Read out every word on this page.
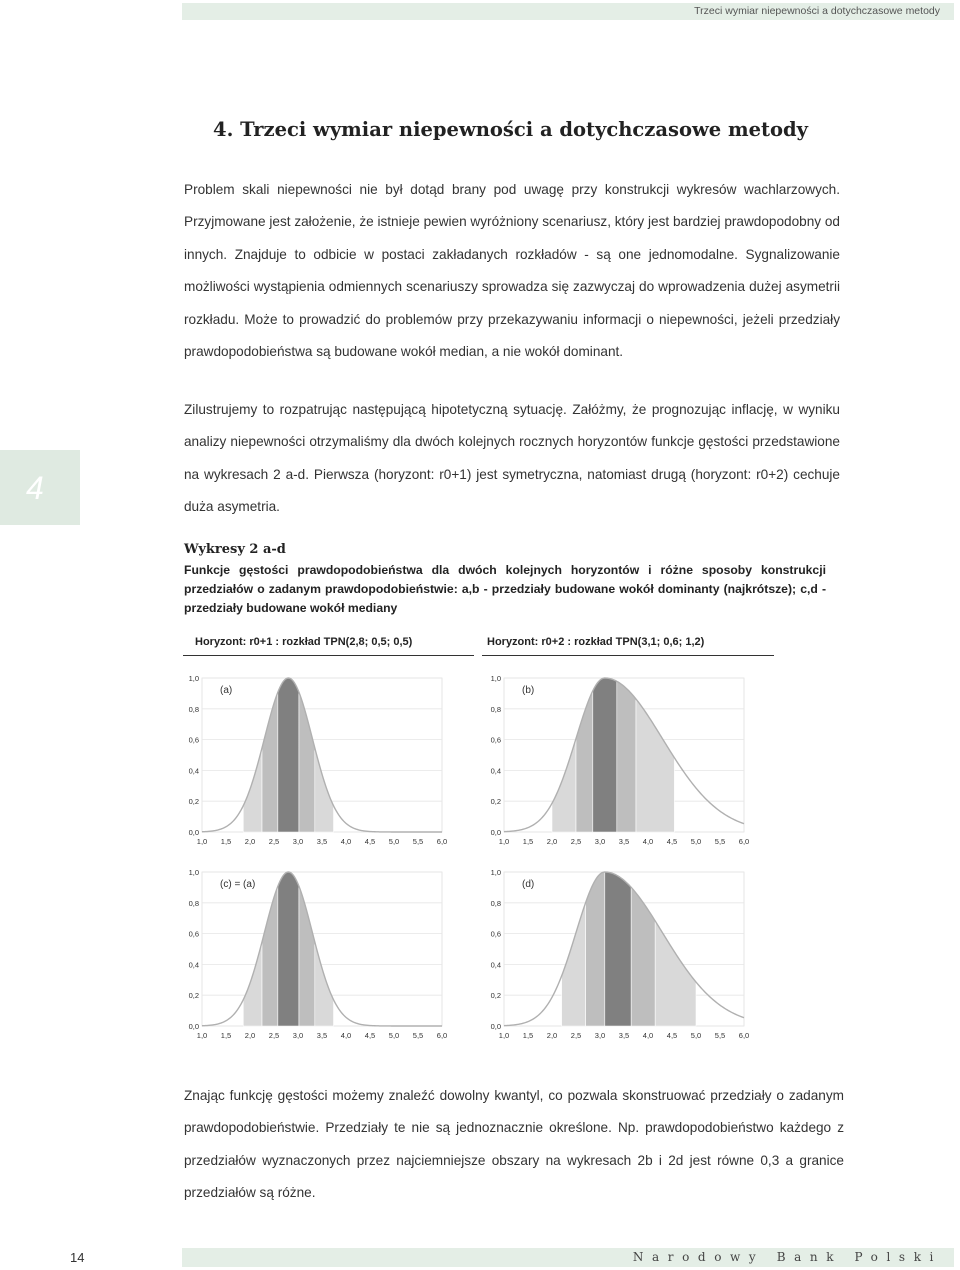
Trzeci wymiar niepewności a dotychczasowe metody
4
4. Trzeci wymiar niepewności a dotychczasowe metody

Problem skali niepewności nie był dotąd brany pod uwagę przy konstrukcji wykresów wachlarzowych. Przyjmowane jest założenie, że istnieje pewien wyróżniony scenariusz, który jest bardziej prawdopodobny od innych. Znajduje to odbicie w postaci zakładanych rozkładów - są one jednomodalne. Sygnalizowanie możliwości wystąpienia odmiennych scenariuszy sprowadza się zazwyczaj do wprowadzenia dużej asymetrii rozkładu. Może to prowadzić do problemów przy przekazywaniu informacji o niepewności, jeżeli przedziały prawdopodobieństwa są budowane wokół median, a nie wokół dominant.

Zilustrujemy to rozpatrując następującą hipotetyczną sytuację. Załóżmy, że prognozując inflację, w wyniku analizy niepewności otrzymaliśmy dla dwóch kolejnych rocznych horyzontów funkcje gęstości przedstawione na wykresach 2 a-d. Pierwsza (horyzont: r0+1) jest symetryczna, natomiast drugą (horyzont: r0+2) cechuje duża asymetria.

Wykresy 2 a-d

Funkcje gęstości prawdopodobieństwa dla dwóch kolejnych horyzontów i różne sposoby konstrukcji przedziałów o zadanym prawdopodobieństwie: a,b - przedziały budowane wokół dominanty (najkrótsze); c,d - przedziały budowane wokół mediany

Horyzont: r0+1 : rozkład TPN(2,8; 0,5; 0,5)	Horyzont: r0+2 : rozkład TPN(3,1; 0,6; 1,2)
0,0
0,2
0,4
0,6
0,8
1,0
1,0 1,5 2,0 2,5 3,0 3,5 4,0 4,5 5,0 5,5 6,0
(a)
0,0
0,2
0,4
0,6
0,8
1,0
1,0 1,5 2,0 2,5 3,0 3,5 4,0 4,5 5,0 5,5 6,0
(b)
0,0
0,2
0,4
0,6
0,8
1,0
1,0 1,5 2,0 2,5 3,0 3,5 4,0 4,5 5,0 5,5 6,0
(c) = (a)
0,0
0,2
0,4
0,6
0,8
1,0
1,0 1,5 2,0 2,5 3,0 3,5 4,0 4,5 5,0 5,5 6,0
(d)

Znając funkcję gęstości możemy znaleźć dowolny kwantyl, co pozwala skonstruować przedziały o zadanym prawdopodobieństwie. Przedziały te nie są jednoznacznie określone. Np. prawdopodobieństwo każdego z przedziałów wyznaczonych przez najciemniejsze obszary na wykresach 2b i 2d jest równe 0,3 a granice przedziałów są różne.

14	Narodowy Bank Polski
